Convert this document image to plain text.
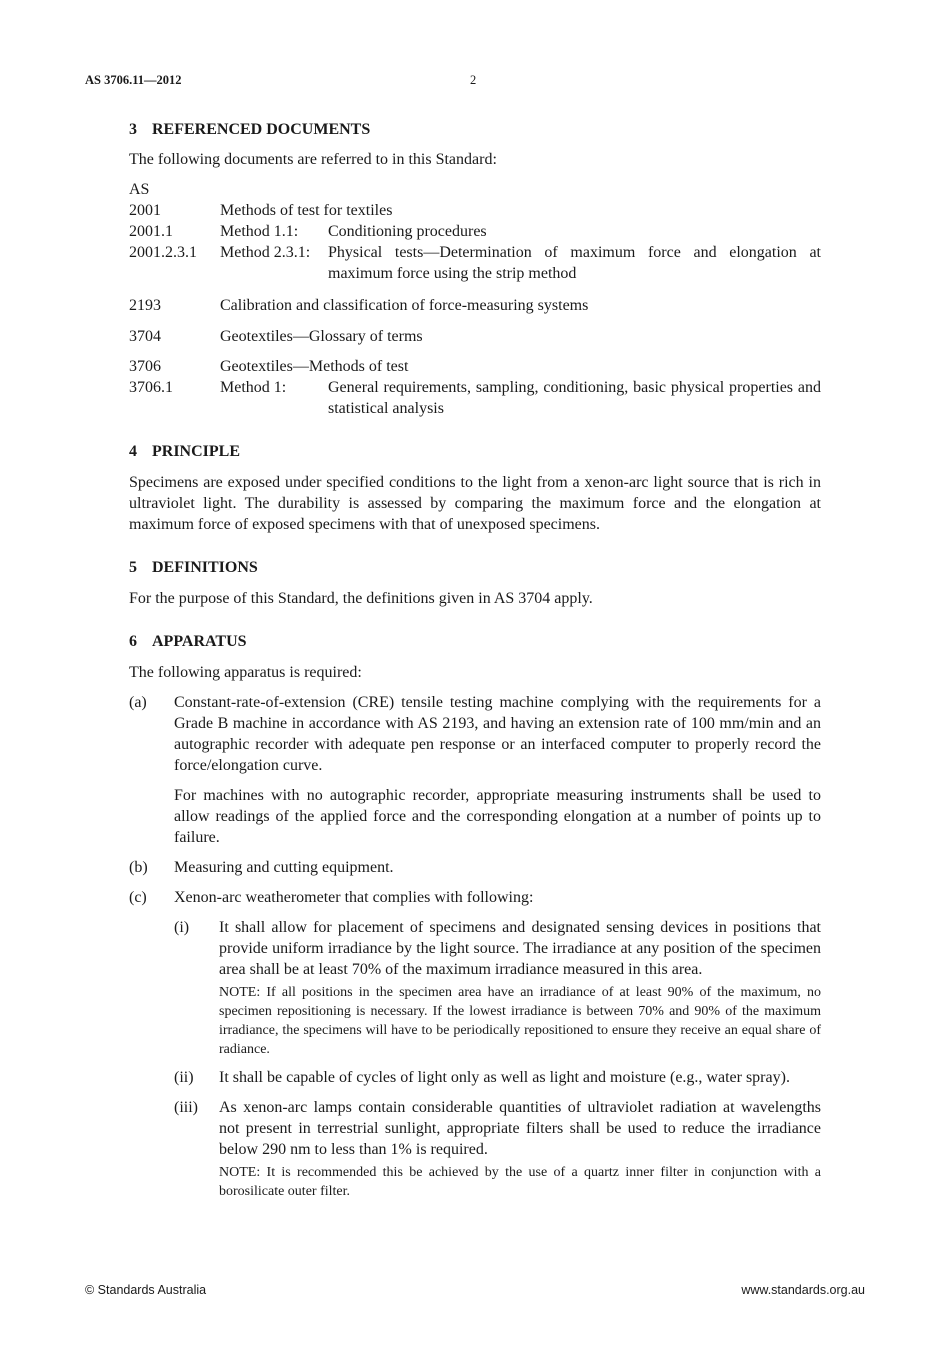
AS 3706.11—2012	2
3 REFERENCED DOCUMENTS

The following documents are referred to in this Standard:

AS
2001	Methods of test for textiles
2001.1	Method 1.1:	Conditioning procedures
2001.2.3.1	Method 2.3.1:	Physical tests—Determination of maximum force and elongation at maximum force using the strip method
2193	Calibration and classification of force-measuring systems
3704	Geotextiles—Glossary of terms
3706	Geotextiles—Methods of test
3706.1	Method 1:	General requirements, sampling, conditioning, basic physical properties and statistical analysis
4 PRINCIPLE

Specimens are exposed under specified conditions to the light from a xenon-arc light source that is rich in ultraviolet light. The durability is assessed by comparing the maximum force and the elongation at maximum force of exposed specimens with that of unexposed specimens.

5 DEFINITIONS

For the purpose of this Standard, the definitions given in AS 3704 apply.

6 APPARATUS

The following apparatus is required:

(a)	Constant-rate-of-extension (CRE) tensile testing machine complying with the requirements for a Grade B machine in accordance with AS 2193, and having an extension rate of 100 mm/min and an autographic recorder with adequate pen response or an interfaced computer to properly record the force/elongation curve.

For machines with no autographic recorder, appropriate measuring instruments shall be used to allow readings of the applied force and the corresponding elongation at a number of points up to failure.

(b)	Measuring and cutting equipment.
(c)	Xenon-arc weatherometer that complies with following:
(i)	It shall allow for placement of specimens and designated sensing devices in positions that provide uniform irradiance by the light source. The irradiance at any position of the specimen area shall be at least 70% of the maximum irradiance measured in this area.
NOTE: If all positions in the specimen area have an irradiance of at least 90% of the maximum, no specimen repositioning is necessary. If the lowest irradiance is between 70% and 90% of the maximum irradiance, the specimens will have to be periodically repositioned to ensure they receive an equal share of radiance.
(ii)	It shall be capable of cycles of light only as well as light and moisture (e.g., water spray).
(iii)	As xenon-arc lamps contain considerable quantities of ultraviolet radiation at wavelengths not present in terrestrial sunlight, appropriate filters shall be used to reduce the irradiance below 290 nm to less than 1% is required.
NOTE: It is recommended this be achieved by the use of a quartz inner filter in conjunction with a borosilicate outer filter.
© Standards Australia	www.standards.org.au
